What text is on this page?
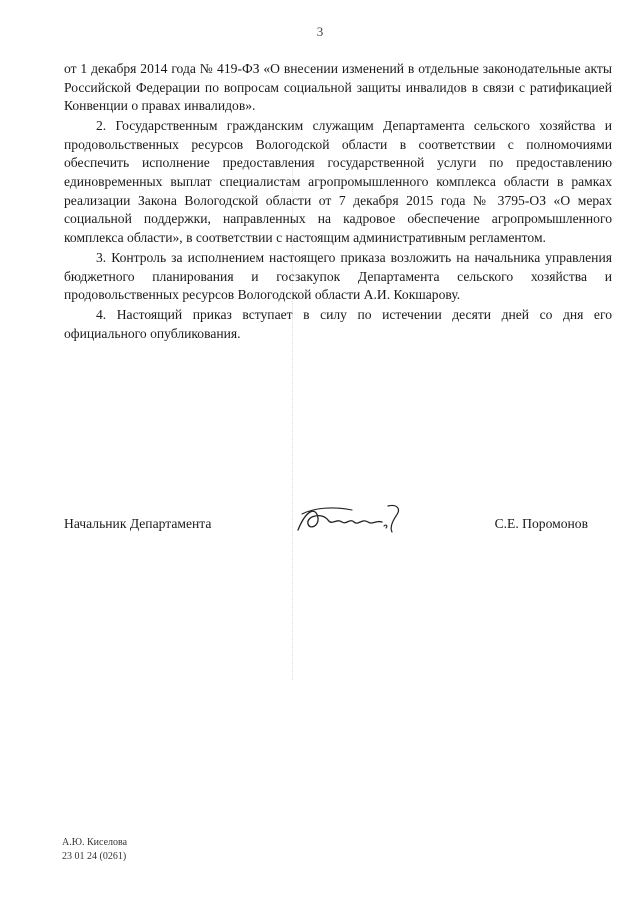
3

от 1 декабря 2014 года № 419-ФЗ «О внесении изменений в отдельные законодательные акты Российской Федерации по вопросам социальной защиты инвалидов в связи с ратификацией Конвенции о правах инвалидов».

2. Государственным гражданским служащим Департамента сельского хозяйства и продовольственных ресурсов Вологодской области в соответствии с полномочиями обеспечить исполнение предоставления государственной услуги по предоставлению единовременных выплат специалистам агропромышленного комплекса области в рамках реализации Закона Вологодской области от 7 декабря 2015 года № 3795-ОЗ «О мерах социальной поддержки, направленных на кадровое обеспечение агропромышленного комплекса области», в соответствии с настоящим административным регламентом.

3. Контроль за исполнением настоящего приказа возложить на начальника управления бюджетного планирования и госзакупок Департамента сельского хозяйства и продовольственных ресурсов Вологодской области А.И. Кокшарову.

4. Настоящий приказ вступает в силу по истечении десяти дней со дня его официального опубликования.

Начальник Департамента	С.Е. Поромонов
А.Ю. Киселова
23 01 24 (0261)
